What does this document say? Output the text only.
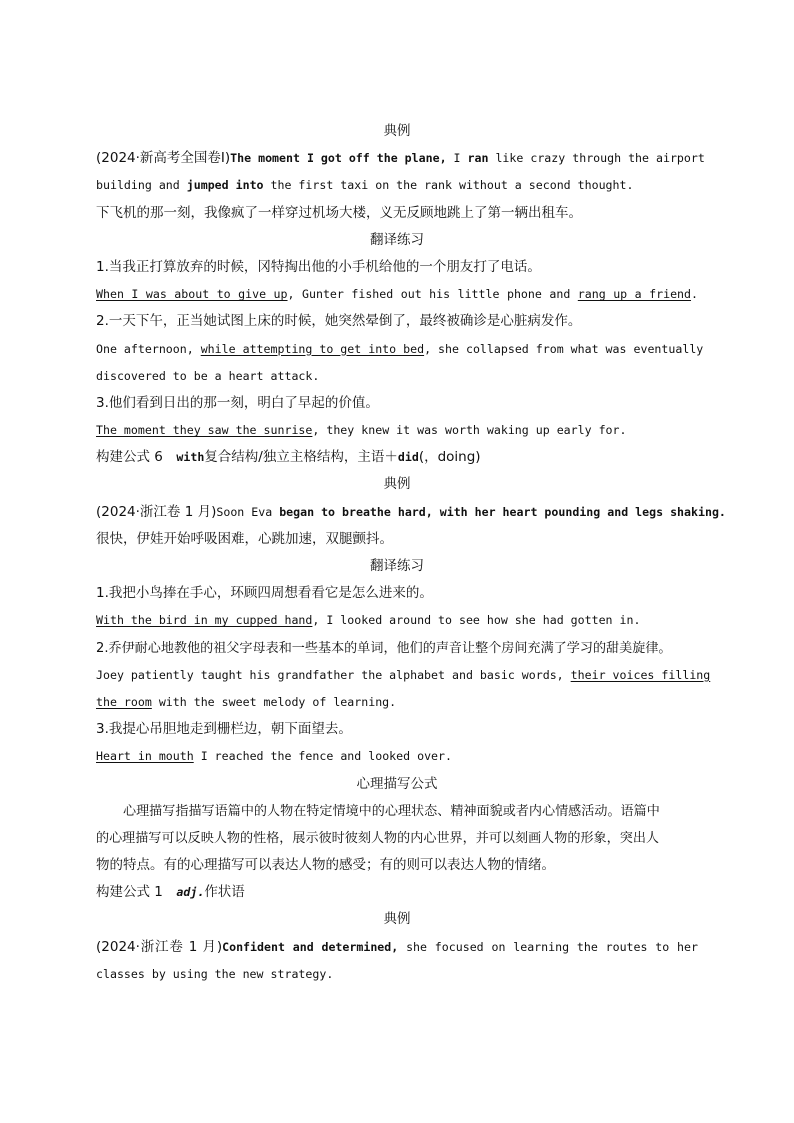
典例
(2024·新高考全国卷Ⅰ)The moment I got off the plane, I ran like crazy through the airport
building and jumped into the first taxi on the rank without a second thought.
下飞机的那一刻，我像疯了一样穿过机场大楼，义无反顾地跳上了第一辆出租车。
翻译练习
1.当我正打算放弃的时候，冈特掏出他的小手机给他的一个朋友打了电话。
When I was about to give up, Gunter fished out his little phone and rang up a friend.
2.一天下午，正当她试图上床的时候，她突然晕倒了，最终被确诊是心脏病发作。
One afternoon, while attempting to get into bed, she collapsed from what was eventually
discovered to be a heart attack.
3.他们看到日出的那一刻，明白了早起的价值。
The moment they saw the sunrise, they knew it was worth waking up early for.
构建公式 6　with复合结构/独立主格结构，主语＋did(，doing)
典例
(2024·浙江卷 1 月)Soon Eva began to breathe hard, with her heart pounding and legs shaking.
很快，伊娃开始呼吸困难，心跳加速，双腿颤抖。
翻译练习
1.我把小鸟捧在手心，环顾四周想看看它是怎么进来的。
With the bird in my cupped hand, I looked around to see how she had gotten in.
2.乔伊耐心地教他的祖父字母表和一些基本的单词，他们的声音让整个房间充满了学习的甜美旋律。
Joey patiently taught his grandfather the alphabet and basic words, their voices filling
the room with the sweet melody of learning.
3.我提心吊胆地走到栅栏边，朝下面望去。
Heart in mouth I reached the fence and looked over.
心理描写公式
心理描写指描写语篇中的人物在特定情境中的心理状态、精神面貌或者内心情感活动。语篇中
的心理描写可以反映人物的性格，展示彼时彼刻人物的内心世界，并可以刻画人物的形象，突出人
物的特点。有的心理描写可以表达人物的感受；有的则可以表达人物的情绪。
构建公式 1　adj.作状语
典例
(2024·浙江卷 1 月)Confident and determined, she focused on learning the routes to her
classes by using the new strategy.
